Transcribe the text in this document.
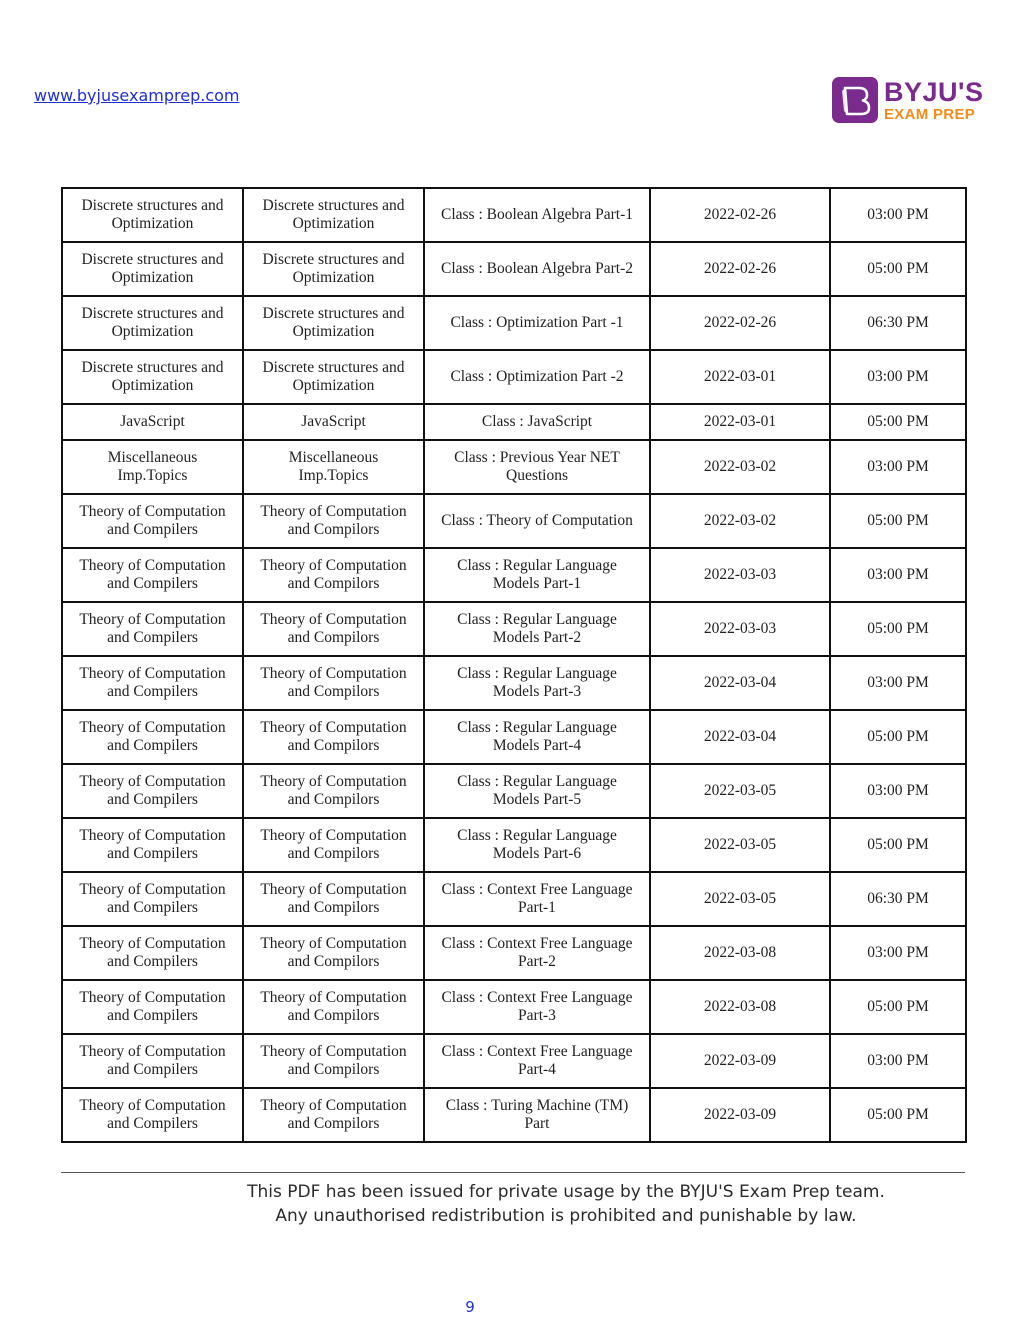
www.byjusexamprep.com	BYJU'S
EXAM PREP
Discrete structures and Optimization	Discrete structures and Optimization	Class : Boolean Algebra Part-1	2022-02-26	03:00 PM
Discrete structures and Optimization	Discrete structures and Optimization	Class : Boolean Algebra Part-2	2022-02-26	05:00 PM
Discrete structures and Optimization	Discrete structures and Optimization	Class : Optimization Part -1	2022-02-26	06:30 PM
Discrete structures and Optimization	Discrete structures and Optimization	Class : Optimization Part -2	2022-03-01	03:00 PM
JavaScript	JavaScript	Class : JavaScript	2022-03-01	05:00 PM
Miscellaneous Imp.Topics	Miscellaneous Imp.Topics	Class : Previous Year NET Questions	2022-03-02	03:00 PM
Theory of Computation and Compilers	Theory of Computation and Compilors	Class : Theory of Computation	2022-03-02	05:00 PM
Theory of Computation and Compilers	Theory of Computation and Compilors	Class : Regular Language Models Part-1	2022-03-03	03:00 PM
Theory of Computation and Compilers	Theory of Computation and Compilors	Class : Regular Language Models Part-2	2022-03-03	05:00 PM
Theory of Computation and Compilers	Theory of Computation and Compilors	Class : Regular Language Models Part-3	2022-03-04	03:00 PM
Theory of Computation and Compilers	Theory of Computation and Compilors	Class : Regular Language Models Part-4	2022-03-04	05:00 PM
Theory of Computation and Compilers	Theory of Computation and Compilors	Class : Regular Language Models Part-5	2022-03-05	03:00 PM
Theory of Computation and Compilers	Theory of Computation and Compilors	Class : Regular Language Models Part-6	2022-03-05	05:00 PM
Theory of Computation and Compilers	Theory of Computation and Compilors	Class : Context Free Language Part-1	2022-03-05	06:30 PM
Theory of Computation and Compilers	Theory of Computation and Compilors	Class : Context Free Language Part-2	2022-03-08	03:00 PM
Theory of Computation and Compilers	Theory of Computation and Compilors	Class : Context Free Language Part-3	2022-03-08	05:00 PM
Theory of Computation and Compilers	Theory of Computation and Compilors	Class : Context Free Language Part-4	2022-03-09	03:00 PM
Theory of Computation and Compilers	Theory of Computation and Compilors	Class : Turing Machine (TM) Part	2022-03-09	05:00 PM
This PDF has been issued for private usage by the BYJU'S Exam Prep team.
Any unauthorised redistribution is prohibited and punishable by law.
9
